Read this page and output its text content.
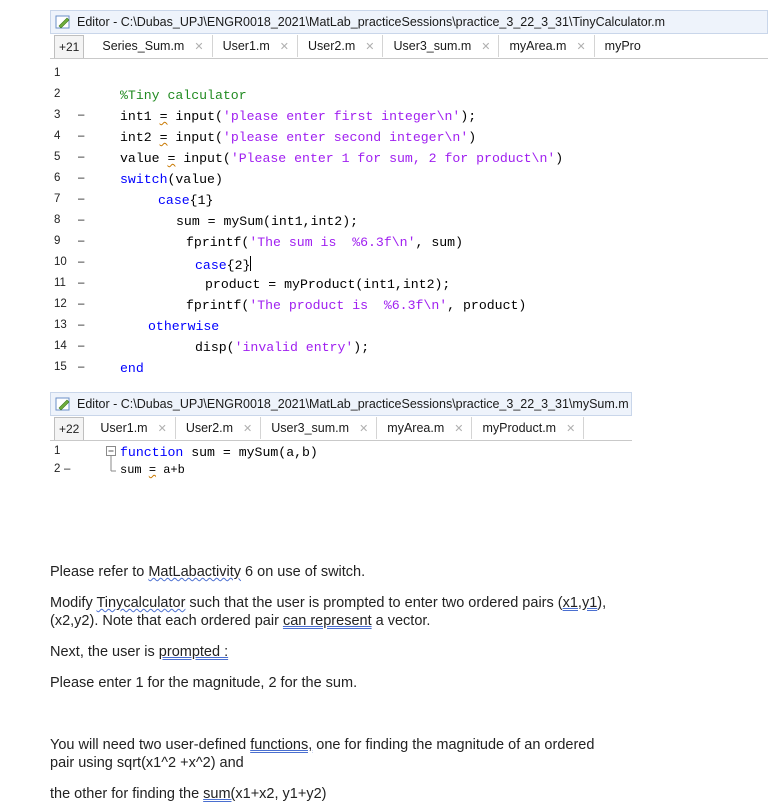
Editor - C:\Dubas_UPJ\ENGR0018_2021\MatLab_practiceSessions\practice_3_22_3_31\TinyCalculator.m
+21	Series_Sum.m ✕ User1.m ✕ User2.m ✕ User3_sum.m ✕ myArea.m ✕ myPro
1
2
3
4
5
6
7
8
9
10
11
12
13
14
15
–
–
–
–
–
–
–
–
–
–
–
–
–
%Tiny calculator
int1 = input('please enter first integer\n');
int2 = input('please enter second integer\n')
value = input('Please enter 1 for sum, 2 for product\n')
switch(value)
case{1}
sum = mySum(int1,int2);
fprintf('The sum is  %6.3f\n', sum)
case{2}
product = myProduct(int1,int2);
fprintf('The product is  %6.3f\n', product)
otherwise
disp('invalid entry');
end
Editor - C:\Dubas_UPJ\ENGR0018_2021\MatLab_practiceSessions\practice_3_22_3_31\mySum.m
+22	User1.m ✕ User2.m ✕ User3_sum.m ✕ myArea.m ✕ myProduct.m ✕
1
2 –
function sum = mySum(a,b)
sum = a+b

Please refer to MatLabactivity 6 on use of switch.

Modify Tinycalculator such that the user is prompted to enter two ordered pairs (x1,y1),

(x2,y2). Note that each ordered pair can represent a vector.

Next, the user is prompted :

Please enter 1 for the magnitude, 2 for the sum.

You will need two user-defined functions, one for finding the magnitude of an ordered

pair using sqrt(x1^2 +x^2) and

the other for finding the sum(x1+x2, y1+y2)
